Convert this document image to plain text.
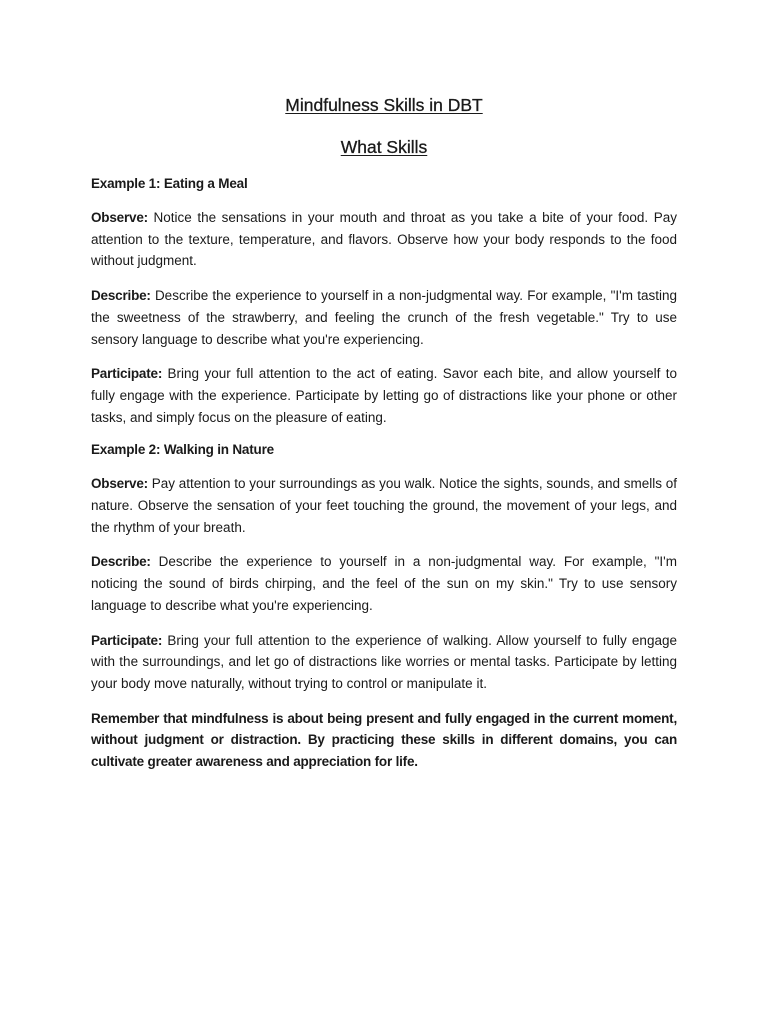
Mindfulness Skills in DBT
What Skills
Example 1: Eating a Meal

Observe: Notice the sensations in your mouth and throat as you take a bite of your food. Pay attention to the texture, temperature, and flavors. Observe how your body responds to the food without judgment.

Describe: Describe the experience to yourself in a non-judgmental way. For example, "I'm tasting the sweetness of the strawberry, and feeling the crunch of the fresh vegetable." Try to use sensory language to describe what you're experiencing.

Participate: Bring your full attention to the act of eating. Savor each bite, and allow yourself to fully engage with the experience. Participate by letting go of distractions like your phone or other tasks, and simply focus on the pleasure of eating.

Example 2: Walking in Nature

Observe: Pay attention to your surroundings as you walk. Notice the sights, sounds, and smells of nature. Observe the sensation of your feet touching the ground, the movement of your legs, and the rhythm of your breath.

Describe: Describe the experience to yourself in a non-judgmental way. For example, "I'm noticing the sound of birds chirping, and the feel of the sun on my skin." Try to use sensory language to describe what you're experiencing.

Participate: Bring your full attention to the experience of walking. Allow yourself to fully engage with the surroundings, and let go of distractions like worries or mental tasks. Participate by letting your body move naturally, without trying to control or manipulate it.

Remember that mindfulness is about being present and fully engaged in the current moment, without judgment or distraction. By practicing these skills in different domains, you can cultivate greater awareness and appreciation for life.
